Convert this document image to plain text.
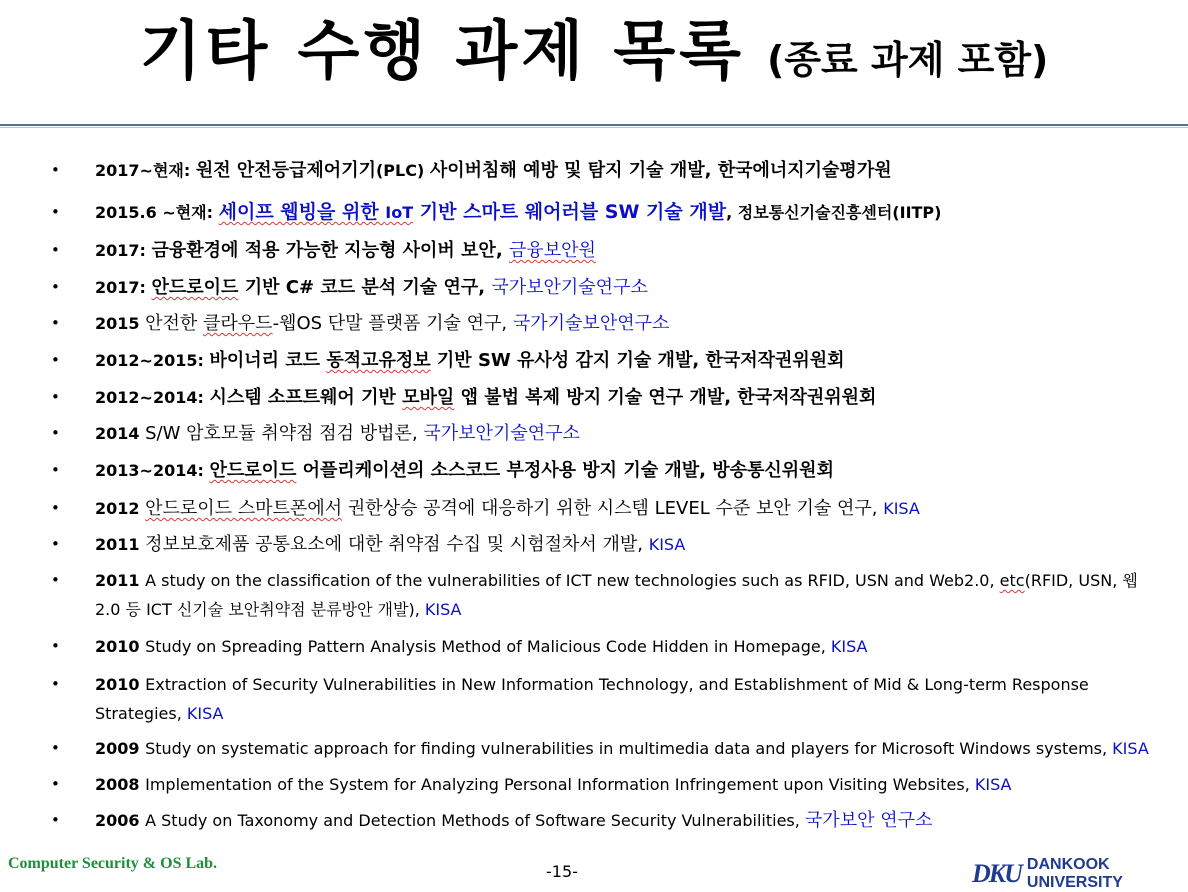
기타 수행 과제 목록 (종료 과제 포함)
• 2017~현재: 원전 안전등급제어기기(PLC) 사이버침해 예방 및 탐지 기술 개발, 한국에너지기술평가원
• 2015.6 ~현재: 세이프 웹빙을 위한 IoT 기반 스마트 웨어러블 SW 기술 개발, 정보통신기술진흥센터(IITP)
• 2017: 금융환경에 적용 가능한 지능형 사이버 보안, 금융보안원
• 2017: 안드로이드 기반 C# 코드 분석 기술 연구, 국가보안기술연구소
• 2015 안전한 클라우드-웹OS 단말 플랫폼 기술 연구, 국가기술보안연구소
• 2012~2015: 바이너리 코드 동적고유정보 기반 SW 유사성 감지 기술 개발, 한국저작권위원회
• 2012~2014: 시스템 소프트웨어 기반 모바일 앱 불법 복제 방지 기술 연구 개발, 한국저작권위원회
• 2014 S/W 암호모듈 취약점 점검 방법론, 국가보안기술연구소
• 2013~2014: 안드로이드 어플리케이션의 소스코드 부정사용 방지 기술 개발, 방송통신위원회
• 2012 안드로이드 스마트폰에서 권한상승 공격에 대응하기 위한 시스템 LEVEL 수준 보안 기술 연구, KISA
• 2011 정보보호제품 공통요소에 대한 취약점 수집 및 시험절차서 개발, KISA
• 2011 A study on the classification of the vulnerabilities of ICT new technologies such as RFID, USN and Web2.0, etc(RFID, USN, 웹2.0 등 ICT 신기술 보안취약점 분류방안 개발), KISA
• 2010 Study on Spreading Pattern Analysis Method of Malicious Code Hidden in Homepage, KISA
• 2010 Extraction of Security Vulnerabilities in New Information Technology, and Establishment of Mid & Long-term Response Strategies, KISA
• 2009 Study on systematic approach for finding vulnerabilities in multimedia data and players for Microsoft Windows systems, KISA
• 2008 Implementation of the System for Analyzing Personal Information Infringement upon Visiting Websites, KISA
• 2006 A Study on Taxonomy and Detection Methods of Software Security Vulnerabilities, 국가보안 연구소
Computer Security & OS Lab.	-15-	DKU DANKOOK UNIVERSITY
